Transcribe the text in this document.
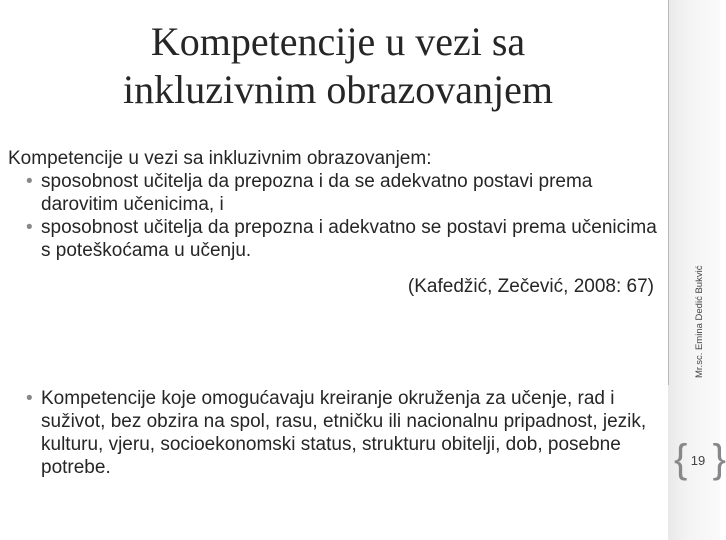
Kompetencije u vezi sa
inkluzivnim obrazovanjem

Kompetencije u vezi sa inkluzivnim obrazovanjem:

• sposobnost učitelja da prepozna i da se adekvatno postavi prema darovitim učenicima, i
• sposobnost učitelja da prepozna i adekvatno se postavi prema učenicima s poteškoćama u učenju.
(Kafedžić, Zečević, 2008: 67)
• Kompetencije koje omogućavaju kreiranje okruženja za učenje, rad i suživot, bez obzira na spol, rasu, etničku ili nacionalnu pripadnost, jezik, kulturu, vjeru, socioekonomski status, strukturu obitelji, dob, posebne potrebe.
Mr.sc. Emina Dedić Bukvić
{ 19 }
